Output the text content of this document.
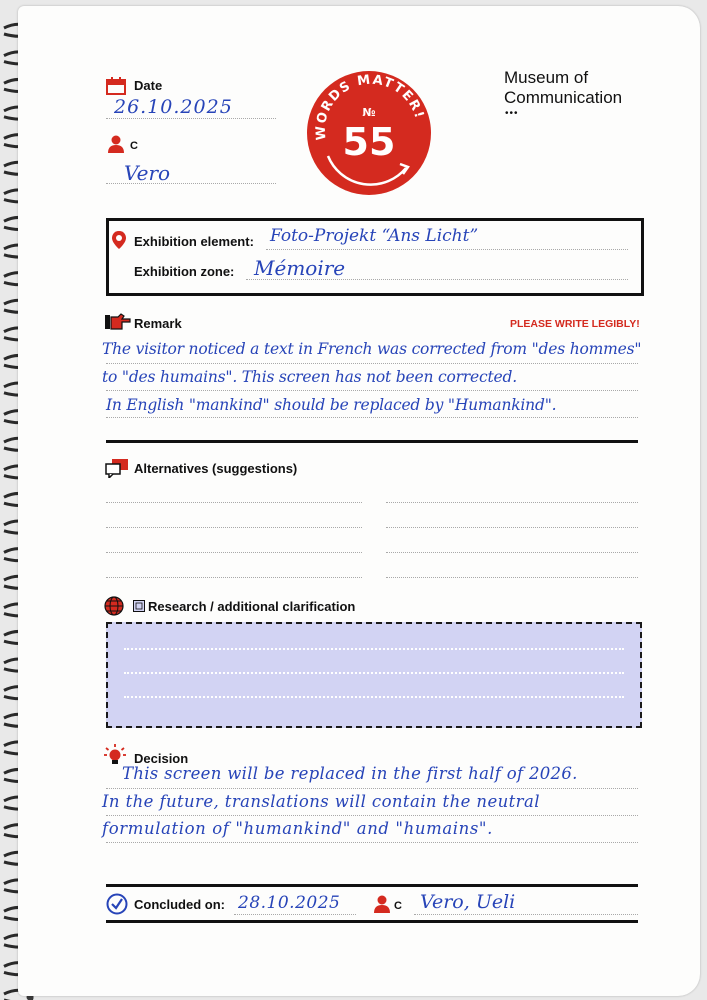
Date
26.10.2025
C
Vero
WORDS MATTER!
№
55
Museum of
Communication
•••
Exhibition element: Foto-Projekt “Ans Licht”
Exhibition zone: Mémoire
Remark	PLEASE WRITE LEGIBLY!
The visitor noticed a text in French was corrected from "des hommes"
to "des humains". This screen has not been corrected.
In English "mankind" should be replaced by "Humankind".
Alternatives (suggestions)
Research / additional clarification
Decision
This screen will be replaced in the first half of 2026.
In the future, translations will contain the neutral
formulation of "humankind" and "humains".
Concluded on: 28.10.2025	C Vero, Ueli
